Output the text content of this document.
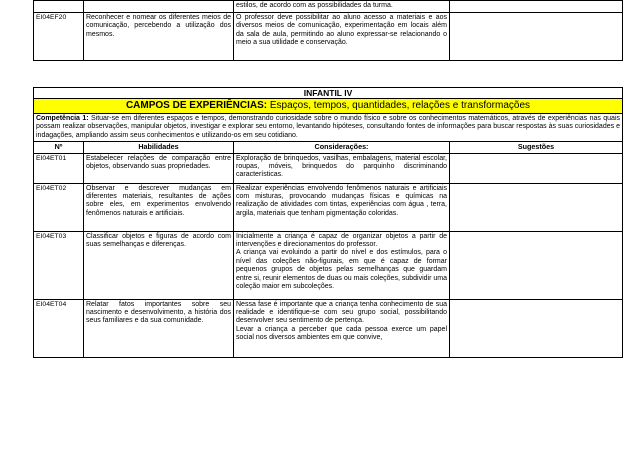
		estilos, de acordo com as possibilidades da turma.	
EI04EF20	Reconhecer e nomear os diferentes meios de comunicação, percebendo a utilização dos mesmos.	O professor deve possibilitar ao aluno acesso a materiais e aos diversos meios de comunicação, experimentação em locais além da sala de aula, permitindo ao aluno expressar-se relacionando o meio a sua utilidade e conservação.	
INFANTIL IV			
CAMPOS DE EXPERIÊNCIAS: Espaços, tempos, quantidades, relações e transformações			
Competência 1: Situar-se em diferentes espaços e tempos, demonstrando curiosidade sobre o mundo físico e sobre os conhecimentos matemáticos, através de experiências nas quais possam realizar observações, manipular objetos, investigar e explorar seu entorno, levantando hipóteses, consultando fontes de informações para buscar respostas às suas curiosidades e indagações, ampliando assim seus conhecimentos e utilizando-os em seu cotidiano.			
Nº	Habilidades	Considerações:	Sugestões
EI04ET01	Estabelecer relações de comparação entre objetos, observando suas propriedades.	Exploração de brinquedos, vasilhas, embalagens, material escolar, roupas, móveis, brinquedos do parquinho discriminando características.	
EI04ET02	Observar e descrever mudanças em diferentes materiais, resultantes de ações sobre eles, em experimentos envolvendo fenômenos naturais e artificiais.	Realizar experiências envolvendo fenômenos naturais e artificiais com misturas, provocando mudanças físicas e químicas na realização de atividades com tintas, experiências com água , terra, argila, materiais que tenham pigmentação coloridas.	
EI04ET03	Classificar objetos e figuras de acordo com suas semelhanças e diferenças.	Inicialmente a criança é capaz de organizar objetos a partir de intervenções e direcionamentos do professor.
A criança vai evoluindo a partir do nível e dos estímulos, para o nível das coleções não-figurais, em que é capaz de formar pequenos grupos de objetos pelas semelhanças que guardam entre si, reunir elementos de duas ou mais coleções, subdividir uma coleção maior em subcoleções.	

EI04ET04	Relatar fatos importantes sobre seu nascimento e desenvolvimento, a história dos seus familiares e da sua comunidade.	Nessa fase é importante que a criança tenha conhecimento de sua realidade e identifique-se com seu grupo social, possibilitando desenvolver seu sentimento de pertença.
Levar a criança a perceber que cada pessoa exerce um papel social nos diversos ambientes em que convive,	
